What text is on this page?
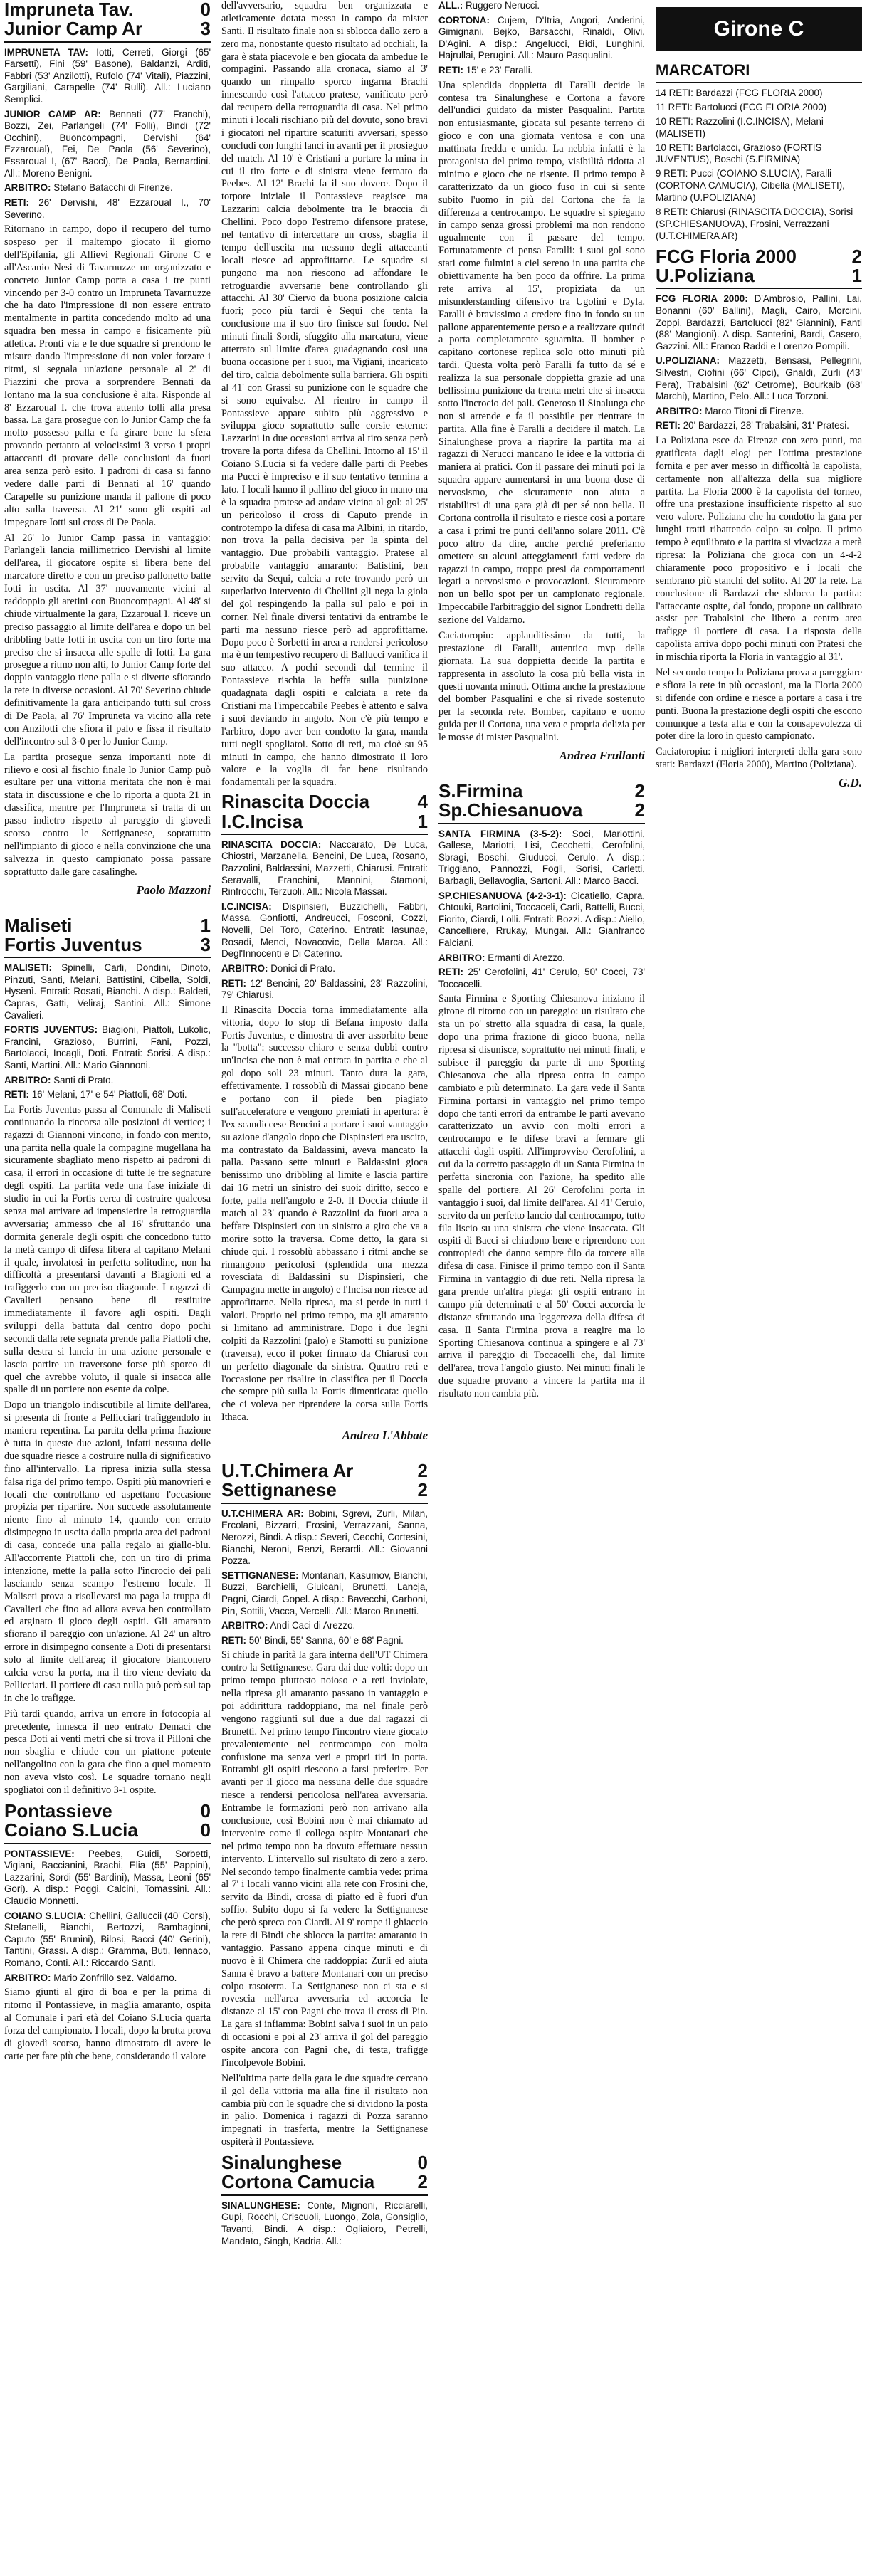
Impruneta Tav.	0
Junior Camp Ar	3

IMPRUNETA TAV: Iotti, Cerreti, Giorgi (65' Farsetti), Fini (59' Basone), Baldanzi, Arditi, Fabbri (53' Anzilotti), Rufolo (74' Vitali), Piazzini, Gargiliani, Carapelle (74' Rulli). All.: Luciano Semplici.

JUNIOR CAMP AR: Bennati (77' Franchi), Bozzi, Zei, Parlangeli (74' Folli), Bindi (72' Occhini), Buoncompagni, Dervishi (64' Ezzaroual), Fei, De Paola (56' Severino), Essaroual I, (67' Bacci), De Paola, Bernardini. All.: Moreno Benigni.

ARBITRO: Stefano Batacchi di Firenze.

RETI: 26' Dervishi, 48' Ezzaroual I., 70' Severino.

Ritornano in campo, dopo il recupero del turno sospeso per il maltempo giocato il giorno dell'Epifania, gli Allievi Regionali Girone C e all'Ascanio Nesi di Tavarnuzze un organizzato e concreto Junior Camp porta a casa i tre punti vincendo per 3-0 contro un Impruneta Tavarnuzze che ha dato l'impressione di non essere entrato mentalmente in partita concedendo molto ad una squadra ben messa in campo e fisicamente più atletica. Pronti via e le due squadre si prendono le misure dando l'impressione di non voler forzare i ritmi, si segnala un'azione personale al 2' di Piazzini che prova a sorprendere Bennati da lontano ma la sua conclusione è alta. Risponde al 8' Ezzaroual I. che trova attento tolli alla presa bassa. La gara prosegue con lo Junior Camp che fa molto possesso palla e fa girare bene la sfera provando pertanto ai velocissimi 3 verso i propri attaccanti di provare delle conclusioni da fuori area senza però esito. I padroni di casa si fanno vedere dalle parti di Bennati al 16' quando Carapelle su punizione manda il pallone di poco alto sulla traversa. Al 21' sono gli ospiti ad impegnare Iotti sul cross di De Paola.

Al 26' lo Junior Camp passa in vantaggio: Parlangeli lancia millimetrico Dervishi al limite dell'area, il giocatore ospite si libera bene del marcatore diretto e con un preciso pallonetto batte Iotti in uscita. Al 37' nuovamente vicini al raddoppio gli aretini con Buoncompagni. Al 48' si chiude virtualmente la gara, Ezzaroual I. riceve un preciso passaggio al limite dell'area e dopo un bel dribbling batte Iotti in uscita con un tiro forte ma preciso che si insacca alle spalle di Iotti. La gara prosegue a ritmo non alti, lo Junior Camp forte del doppio vantaggio tiene palla e si diverte sfiorando la rete in diverse occasioni. Al 70' Severino chiude definitivamente la gara anticipando tutti sul cross di De Paola, al 76' Impruneta va vicino alla rete con Anzilotti che sfiora il palo e fissa il risultato dell'incontro sul 3-0 per lo Junior Camp.

La partita prosegue senza importanti note di rilievo e così al fischio finale lo Junior Camp può esultare per una vittoria meritata che non è mai stata in discussione e che lo riporta a quota 21 in classifica, mentre per l'Impruneta si tratta di un passo indietro rispetto al pareggio di giovedì scorso contro le Settignanese, soprattutto nell'impianto di gioco e nella convinzione che una salvezza in questo campionato possa passare soprattutto dalle gare casalinghe.

Paolo Mazzoni
Maliseti	1
Fortis Juventus	3

MALISETI: Spinelli, Carli, Dondini, Dinoto, Pinzuti, Santi, Melani, Battistini, Cibella, Soldi, Hysenì. Entrati: Rosati, Bianchi. A disp.: Baldeti, Capras, Gatti, Veliraj, Santini. All.: Simone Cavalieri.

FORTIS JUVENTUS: Biagioni, Piattoli, Lukolic, Francini, Grazioso, Burrini, Fani, Pozzi, Bartolacci, Incagli, Doti. Entrati: Sorisi. A disp.: Santi, Martini. All.: Mario Giannoni.

ARBITRO: Santi di Prato.

RETI: 16' Melani, 17' e 54' Piattoli, 68' Doti.

La Fortis Juventus passa al Comunale di Maliseti continuando la rincorsa alle posizioni di vertice; i ragazzi di Giannoni vincono, in fondo con merito, una partita nella quale la compagine mugellana ha sicuramente sbagliato meno rispetto ai padroni di casa, il errori in occasione di tutte le tre segnature degli ospiti. La partita vede una fase iniziale di studio in cui la Fortis cerca di costruire qualcosa senza mai arrivare ad impensierire la retroguardia avversaria; ammesso che al 16' sfruttando una dormita generale degli ospiti che concedono tutto la metà campo di difesa libera al capitano Melani il quale, involatosi in perfetta solitudine, non ha difficoltà a presentarsi davanti a Biagioni ed a trafiggerlo con un preciso diagonale. I ragazzi di Cavalieri pensano bene di restituire immediatamente il favore agli ospiti. Dagli sviluppi della battuta dal centro dopo pochi secondi dalla rete segnata prende palla Piattoli che, sulla destra si lancia in una azione personale e lascia partire un traversone forse più sporco di quel che avrebbe voluto, il quale si insacca alle spalle di un portiere non esente da colpe.

Dopo un triangolo indiscutibile al limite dell'area, si presenta di fronte a Pellicciari trafiggendolo in maniera repentina. La partita della prima frazione è tutta in queste due azioni, infatti nessuna delle due squadre riesce a costruire nulla di significativo fino all'intervallo. La ripresa inizia sulla stessa falsa riga del primo tempo. Ospiti più manovrieri e locali che controllano ed aspettano l'occasione propizia per ripartire. Non succede assolutamente niente fino al minuto 14, quando con errato disimpegno in uscita dalla propria area dei padroni di casa, concede una palla regalo ai giallo-blu. All'accorrente Piattoli che, con un tiro di prima intenzione, mette la palla sotto l'incrocio dei pali lasciando senza scampo l'estremo locale. Il Maliseti prova a risollevarsi ma paga la truppa di Cavalieri che fino ad allora aveva ben controllato ed arginato il gioco degli ospiti. Gli amaranto sfiorano il pareggio con un'azione. Al 24' un altro errore in disimpegno consente a Doti di presentarsi solo al limite dell'area; il giocatore bianconero calcia verso la porta, ma il tiro viene deviato da Pellicciari. Il portiere di casa nulla può però sul tap in che lo trafigge.

Più tardi quando, arriva un errore in fotocopia al precedente, innesca il neo entrato Demaci che pesca Doti ai venti metri che si trova il Pilloni che non sbaglia e chiude con un piattone potente nell'angolino con la gara che fino a quel momento non aveva visto così. Le squadre tornano negli spogliatoi con il definitivo 3-1 ospite.

Pontassieve	0
Coiano S.Lucia	0

PONTASSIEVE: Peebes, Guidi, Sorbetti, Vigiani, Baccianini, Brachi, Elia (55' Pappini), Lazzarini, Sordi (55' Bardini), Massa, Leoni (65' Gori). A disp.: Poggi, Calcini, Tomassini. All.: Claudio Monnetti.

COIANO S.LUCIA: Chellini, Galluccii (40' Corsi), Stefanelli, Bianchi, Bertozzi, Bambagioni, Caputo (55' Brunini), Bilosi, Bacci (40' Gerini), Tantini, Grassi. A disp.: Gramma, Buti, Iennaco, Romano, Conti. All.: Riccardo Santi.

ARBITRO: Mario Zonfrillo sez. Valdarno.

Siamo giunti al giro di boa e per la prima di ritorno il Pontassieve, in maglia amaranto, ospita al Comunale i pari età del Coiano S.Lucia quarta forza del campionato. I locali, dopo la brutta prova di giovedì scorso, hanno dimostrato di avere le carte per fare più che bene, considerando il valore

dell'avversario, squadra ben organizzata e atleticamente dotata messa in campo da mister Santi. Il risultato finale non si sblocca dallo zero a zero ma, nonostante questo risultato ad occhiali, la gara è stata piacevole e ben giocata da ambedue le compagini. Passando alla cronaca, siamo al 3' quando un rimpallo sporco ingarna Brachi innescando così l'attacco pratese, vanificato però dal recupero della retroguardia di casa. Nel primo minuti i locali rischiano più del dovuto, sono bravi i giocatori nel ripartire scaturiti avversari, spesso concludi con lunghi lanci in avanti per il prosieguo del match. Al 10' è Cristiani a portare la mina in cui il tiro forte e di sinistra viene fermato da Peebes. Al 12' Brachi fa il suo dovere. Dopo il torpore iniziale il Pontassieve reagisce ma Lazzarini calcia debolmente tra le braccia di Chellini. Poco dopo l'estremo difensore pratese, nel tentativo di intercettare un cross, sbaglia il tempo dell'uscita ma nessuno degli attaccanti locali riesce ad approfittarne. Le squadre si pungono ma non riescono ad affondare le retroguardie avversarie bene controllando gli attacchi. Al 30' Ciervo da buona posizione calcia fuori; poco più tardi è Sequi che tenta la conclusione ma il suo tiro finisce sul fondo. Nel minuti finali Sordi, sfuggito alla marcatura, viene atterrato sul limite d'area guadagnando così una buona occasione per i suoi, ma Vigiani, incaricato del tiro, calcia debolmente sulla barriera. Gli ospiti al 41' con Grassi su punizione con le squadre che si sono equivalse. Al rientro in campo il Pontassieve appare subito più aggressivo e sviluppa gioco soprattutto sulle corsie esterne: Lazzarini in due occasioni arriva al tiro senza però trovare la porta difesa da Chellini. Intorno al 15' il Coiano S.Lucia si fa vedere dalle parti di Peebes ma Pucci è impreciso e il suo tentativo termina a lato. I locali hanno il pallino del gioco in mano ma è la squadra pratese ad andare vicina al gol: al 25' un pericoloso il cross di Caputo prende in controtempo la difesa di casa ma Albini, in ritardo, non trova la palla decisiva per la spinta del vantaggio. Due probabili vantaggio. Pratese al probabile vantaggio amaranto: Batistini, ben servito da Sequi, calcia a rete trovando però un superlativo intervento di Chellini gli nega la gioia del gol respingendo la palla sul palo e poi in corner. Nel finale diversi tentativi da entrambe le parti ma nessuno riesce però ad approfittarne. Dopo poco è Sorbetti in area a rendersi pericoloso ma è un tempestivo recupero di Ballucci vanifica il suo attacco. A pochi secondi dal termine il Pontassieve rischia la beffa sulla punizione quadagnata dagli ospiti e calciata a rete da Cristiani ma l'impeccabile Peebes è attento e salva i suoi deviando in angolo. Non c'è più tempo e l'arbitro, dopo aver ben condotto la gara, manda tutti negli spogliatoi. Sotto di reti, ma cioè su 95 minuti in campo, che hanno dimostrato il loro valore e la voglia di far bene risultando fondamentali per la squadra.

Rinascita Doccia	4
I.C.Incisa	1

RINASCITA DOCCIA: Naccarato, De Luca, Chiostri, Marzanella, Bencini, De Luca, Rosano, Razzolini, Baldassini, Mazzetti, Chiarusi. Entrati: Seravalli, Franchini, Mannini, Stamoni, Rinfrocchi, Terzuoli. All.: Nicola Massai.

I.C.INCISA: Dispinsieri, Buzzichelli, Fabbri, Massa, Gonfiotti, Andreucci, Fosconi, Cozzi, Novelli, Del Toro, Caterino. Entrati: Iasunae, Rosadi, Menci, Novacovic, Della Marca. All.: Degl'Innocenti e Di Caterino.

ARBITRO: Donici di Prato.

RETI: 12' Bencini, 20' Baldassini, 23' Razzolini, 79' Chiarusi.

Il Rinascita Doccia torna immediatamente alla vittoria, dopo lo stop di Befana imposto dalla Fortis Juventus, e dimostra di aver assorbito bene la "botta": successo chiaro e senza dubbi contro un'Incisa che non è mai entrata in partita e che al gol dopo soli 23 minuti. Tanto dura la gara, effettivamente. I rossoblù di Massai giocano bene e portano con il piede ben piagiato sull'acceleratore e vengono premiati in apertura: è l'ex scandiccese Bencini a portare i suoi vantaggio su azione d'angolo dopo che Dispinsieri era uscito, ma contrastato da Baldassini, aveva mancato la palla. Passano sette minuti e Baldassini gioca benissimo uno dribbling al limite e lascia partire dai 16 metri un sinistro dei suoi: diritto, secco e forte, palla nell'angolo e 2-0. Il Doccia chiude il match al 23' quando è Razzolini da fuori area a beffare Dispinsieri con un sinistro a giro che va a morire sotto la traversa. Come detto, la gara si chiude qui. I rossoblù abbassano i ritmi anche se rimangono pericolosi (splendida una mezza rovesciata di Baldassini su Dispinsieri, che Campagna mette in angolo) e l'Incisa non riesce ad approfittarne. Nella ripresa, ma si perde in tutti i valori. Proprio nel primo tempo, ma gli amaranto si limitano ad amministrare. Dopo i due legni colpiti da Razzolini (palo) e Stamotti su punizione (traversa), ecco il poker firmato da Chiarusi con un perfetto diagonale da sinistra. Quattro reti e l'occasione per risalire in classifica per il Doccia che sempre più sulla la Fortis dimenticata: quello che ci voleva per riprendere la corsa sulla Fortis Ithaca.

Andrea L'Abbate
U.T.Chimera Ar	2
Settignanese	2

U.T.CHIMERA AR: Bobini, Sgrevi, Zurli, Milan, Ercolani, Bizzarri, Frosini, Verrazzani, Sanna, Nerozzi, Bindi. A disp.: Severi, Cecchi, Cortesini, Bianchi, Neroni, Renzi, Berardi. All.: Giovanni Pozza.

SETTIGNANESE: Montanari, Kasumov, Bianchi, Buzzi, Barchielli, Giuicani, Brunetti, Lancja, Pagni, Ciardi, Gopel. A disp.: Bavecchi, Carboni, Pin, Sottili, Vacca, Vercelli. All.: Marco Brunetti.

ARBITRO: Andi Caci di Arezzo.

RETI: 50' Bindi, 55' Sanna, 60' e 68' Pagni.

Si chiude in parità la gara interna dell'UT Chimera contro la Settignanese. Gara dai due volti: dopo un primo tempo piuttosto noioso e a reti inviolate, nella ripresa gli amaranto passano in vantaggio e poi addirittura raddoppiano, ma nel finale però vengono raggiunti sul due a due dal ragazzi di Brunetti. Nel primo tempo l'incontro viene giocato prevalentemente nel centrocampo con molta confusione ma senza veri e propri tiri in porta. Entrambi gli ospiti riescono a farsi preferire. Per avanti per il gioco ma nessuna delle due squadre riesce a rendersi pericolosa nell'area avversaria. Entrambe le formazioni però non arrivano alla conclusione, così Bobini non è mai chiamato ad intervenire come il collega ospite Montanari che nel primo tempo non ha dovuto effettuare nessun intervento. L'intervallo sul risultato di zero a zero. Nel secondo tempo finalmente cambia vede: prima al 7' i locali vanno vicini alla rete con Frosini che, servito da Bindi, crossa di piatto ed è fuori d'un soffio. Subito dopo si fa vedere la Settignanese che però spreca con Ciardi. Al 9' rompe il ghiaccio la rete di Bindi che sblocca la partita: amaranto in vantaggio. Passano appena cinque minuti e di nuovo è il Chimera che raddoppia: Zurli ed aiuta Sanna è bravo a battere Montanari con un preciso colpo rasoterra. La Settignanese non ci sta e si rovescia nell'area avversaria ed accorcia le distanze al 15' con Pagni che trova il cross di Pin. La gara si infiamma: Bobini salva i suoi in un paio di occasioni e poi al 23' arriva il gol del pareggio ospite ancora con Pagni che, di testa, trafigge l'incolpevole Bobini.

Nell'ultima parte della gara le due squadre cercano il gol della vittoria ma alla fine il risultato non cambia più con le squadre che si dividono la posta in palio. Domenica i ragazzi di Pozza saranno impegnati in trasferta, mentre la Settignanese ospiterà il Pontassieve.

Sinalunghese	0
Cortona Camucia 2

SINALUNGHESE: Conte, Mignoni, Ricciarelli, Gupi, Rocchi, Criscuoli, Luongo, Zola, Gonsiglio, Tavanti, Bindi. A disp.: Ogliaioro, Petrelli, Mandato, Singh, Kadria. All.:

ALL.: Ruggero Nerucci.

CORTONA: Cujem, D'Itria, Angori, Anderini, Gimignani, Bejko, Barsacchi, Rinaldi, Olivi, D'Agini. A disp.: Angelucci, Bidi, Lunghini, Hajrullai, Perugini. All.: Mauro Pasqualini.

RETI: 15' e 23' Faralli.

Una splendida doppietta di Faralli decide la contesa tra Sinalunghese e Cortona a favore dell'undici guidato da mister Pasqualini. Partita non entusiasmante, giocata sul pesante terreno di gioco e con una giornata ventosa e con una mattinata fredda e umida. La nebbia infatti è la protagonista del primo tempo, visibilità ridotta al minimo e gioco che ne risente. Il primo tempo è caratterizzato da un gioco fuso in cui si sente subito l'uomo in più del Cortona che fa la differenza a centrocampo. Le squadre si spiegano in campo senza grossi problemi ma non rendono ugualmente con il passare del tempo. Fortunatamente ci pensa Faralli: i suoi gol sono stati come fulmini a ciel sereno in una partita che obiettivamente ha ben poco da offrire. La prima rete arriva al 15', propiziata da un misunderstanding difensivo tra Ugolini e Dyla. Faralli è bravissimo a credere fino in fondo su un pallone apparentemente perso e a realizzare quindi a porta completamente sguarnita. Il bomber e capitano cortonese replica solo otto minuti più tardi. Questa volta però Faralli fa tutto da sé e realizza la sua personale doppietta grazie ad una bellissima punizione da trenta metri che si insacca sotto l'incrocio dei pali. Generoso il Sinalunga che non si arrende e fa il possibile per rientrare in partita. Alla fine è Faralli a decidere il match. La Sinalunghese prova a riaprire la partita ma ai ragazzi di Nerucci mancano le idee e la vittoria di maniera ai pratici. Con il passare dei minuti poi la squadra appare aumentarsi in una buona dose di nervosismo, che sicuramente non aiuta a ristabilirsi di una gara già di per sé non bella. Il Cortona controlla il risultato e riesce così a portare a casa i primi tre punti dell'anno solare 2011. C'è poco altro da dire, anche perché preferiamo omettere su alcuni atteggiamenti fatti vedere da ragazzi in campo, troppo presi da comportamenti legati a nervosismo e provocazioni. Sicuramente non un bello spot per un campionato regionale. Impeccabile l'arbitraggio del signor Londretti della sezione del Valdarno.

Caciatoropiu: applauditissimo da tutti, la prestazione di Faralli, autentico mvp della giornata. La sua doppietta decide la partita e rappresenta in assoluto la cosa più bella vista in questi novanta minuti. Ottima anche la prestazione del bomber Pasqualini e che si rivede sostenuto per la seconda rete. Bomber, capitano e uomo guida per il Cortona, una vera e propria delizia per le mosse di mister Pasqualini.

Andrea Frullanti
S.Firmina	2
Sp.Chiesanuova	2

SANTA FIRMINA (3-5-2): Soci, Mariottini, Gallese, Mariotti, Lisi, Cecchetti, Cerofolini, Sbragi, Boschi, Giuducci, Cerulo. A disp.: Triggiano, Pannozzi, Fogli, Sorisi, Carletti, Barbagli, Bellavoglia, Sartoni. All.: Marco Bacci.

SP.CHIESANUOVA (4-2-3-1): Cicatiello, Capra, Chtouki, Bartolini, Toccaceli, Carli, Battelli, Bucci, Fiorito, Ciardi, Lolli. Entrati: Bozzi. A disp.: Aiello, Cancelliere, Rrukay, Mungai. All.: Gianfranco Falciani.

ARBITRO: Ermanti di Arezzo.

RETI: 25' Cerofolini, 41' Cerulo, 50' Cocci, 73' Toccacelli.

Santa Firmina e Sporting Chiesanova iniziano il girone di ritorno con un pareggio: un risultato che sta un po' stretto alla squadra di casa, la quale, dopo una prima frazione di gioco buona, nella ripresa si disunisce, soprattutto nei minuti finali, e subisce il pareggio da parte di uno Sporting Chiesanova che alla ripresa entra in campo cambiato e più determinato. La gara vede il Santa Firmina portarsi in vantaggio nel primo tempo dopo che tanti errori da entrambe le parti avevano caratterizzato un avvio con molti errori a centrocampo e le difese bravi a fermare gli attacchi dagli ospiti. All'improvviso Cerofolini, a cui da la corretto passaggio di un Santa Firmina in perfetta sincronia con l'azione, ha spedito alle spalle del portiere. Al 26' Cerofolini porta in vantaggio i suoi, dal limite dell'area. Al 41' Cerulo, servito da un perfetto lancio dal centrocampo, tutto fila liscio su una sinistra che viene insaccata. Gli ospiti di Bacci si chiudono bene e riprendono con contropiedi che danno sempre filo da torcere alla difesa di casa. Finisce il primo tempo con il Santa Firmina in vantaggio di due reti. Nella ripresa la gara prende un'altra piega: gli ospiti entrano in campo più determinati e al 50' Cocci accorcia le distanze sfruttando una leggerezza della difesa di casa. Il Santa Firmina prova a reagire ma lo Sporting Chiesanova continua a spingere e al 73' arriva il pareggio di Toccacelli che, dal limite dell'area, trova l'angolo giusto. Nei minuti finali le due squadre provano a vincere la partita ma il risultato non cambia più.

Girone C
MARCATORI

14 RETI: Bardazzi (FCG FLORIA 2000)

11 RETI: Bartolucci (FCG FLORIA 2000)

10 RETI: Razzolini (I.C.INCISA), Melani (MALISETI)

10 RETI: Bartolacci, Grazioso (FORTIS JUVENTUS), Boschi (S.FIRMINA)

9 RETI: Pucci (COIANO S.LUCIA), Faralli (CORTONA CAMUCIA), Cibella (MALISETI), Martino (U.POLIZIANA)

8 RETI: Chiarusi (RINASCITA DOCCIA), Sorisi (SP.CHIESANUOVA), Frosini, Verrazzani (U.T.CHIMERA AR)

FCG Floria 2000	2
U.Poliziana	1

FCG FLORIA 2000: D'Ambrosio, Pallini, Lai, Bonanni (60' Ballini), Magli, Cairo, Morcini, Zoppi, Bardazzi, Bartolucci (82' Giannini), Fanti (88' Mangioni). A disp. Santerini, Bardi, Casero, Gazzini. All.: Franco Raddi e Lorenzo Pompili.

U.POLIZIANA: Mazzetti, Bensasi, Pellegrini, Silvestri, Ciofini (66' Cipci), Gnaldi, Zurli (43' Pera), Trabalsini (62' Cetrome), Bourkaib (68' Marchi), Martino, Pelo. All.: Luca Torzoni.

ARBITRO: Marco Titoni di Firenze.

RETI: 20' Bardazzi, 28' Trabalsini, 31' Pratesi.

La Poliziana esce da Firenze con zero punti, ma gratificata dagli elogi per l'ottima prestazione fornita e per aver messo in difficoltà la capolista, certamente non all'altezza della sua migliore partita. La Floria 2000 è la capolista del torneo, offre una prestazione insufficiente rispetto al suo vero valore. Poliziana che ha condotto la gara per lunghi tratti ribattendo colpo su colpo. Il primo tempo è equilibrato e la partita si vivacizza a metà ripresa: la Poliziana che gioca con un 4-4-2 chiaramente poco propositivo e i locali che sembrano più stanchi del solito. Al 20' la rete. La conclusione di Bardazzi che sblocca la partita: l'attaccante ospite, dal fondo, propone un calibrato assist per Trabalsini che libero a centro area trafigge il portiere di casa. La risposta della capolista arriva dopo pochi minuti con Pratesi che in mischia riporta la Floria in vantaggio al 31'.

Nel secondo tempo la Poliziana prova a pareggiare e sfiora la rete in più occasioni, ma la Floria 2000 si difende con ordine e riesce a portare a casa i tre punti. Buona la prestazione degli ospiti che escono comunque a testa alta e con la consapevolezza di poter dire la loro in questo campionato.

Caciatoropiu: i migliori interpreti della gara sono stati: Bardazzi (Floria 2000), Martino (Poliziana).

G.D.
